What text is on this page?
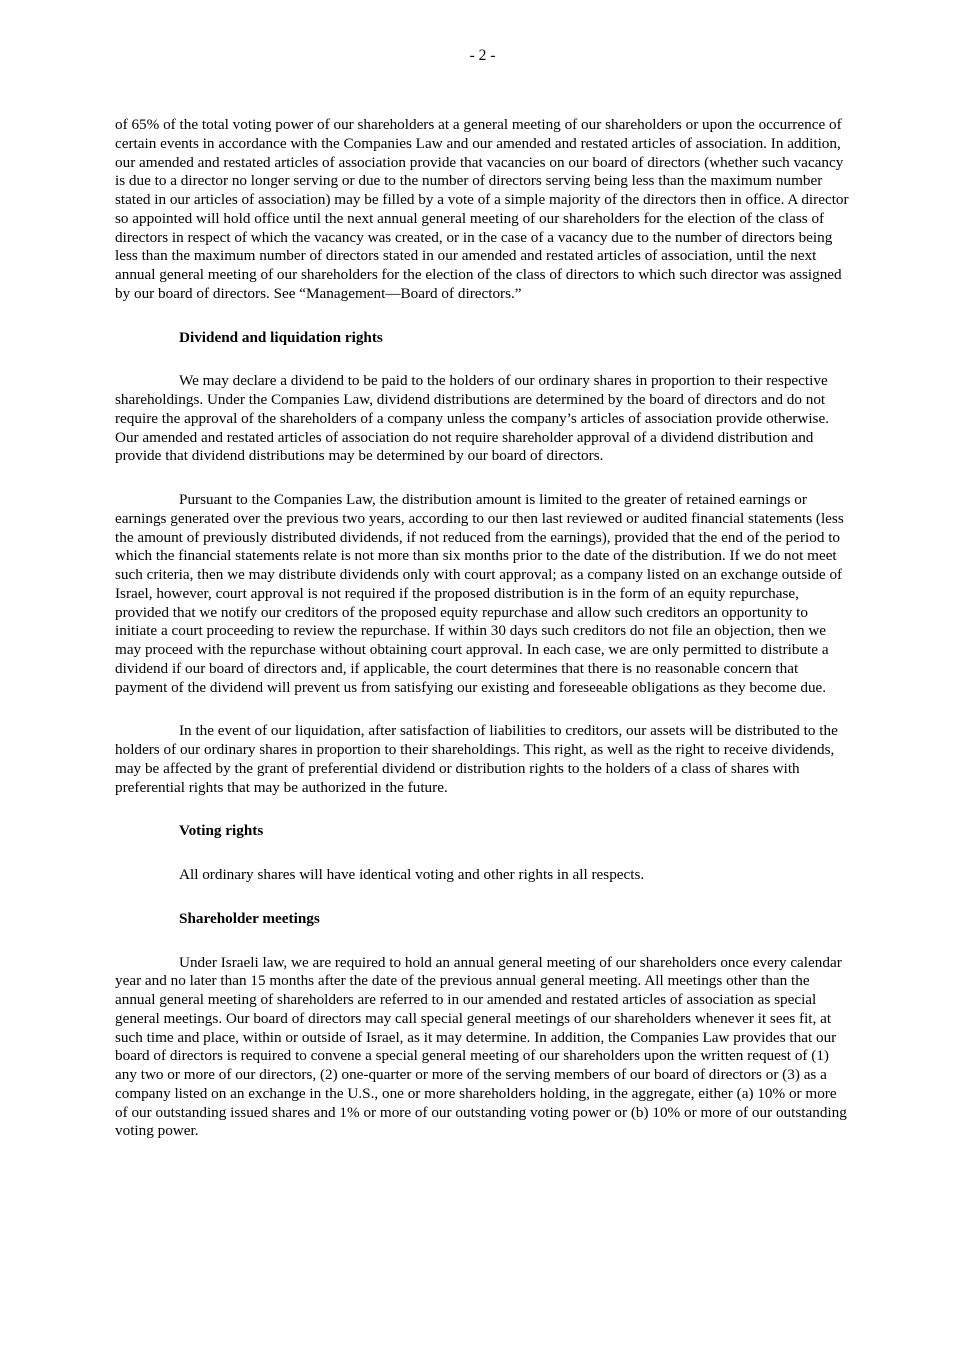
- 2 -

of 65% of the total voting power of our shareholders at a general meeting of our shareholders or upon the occurrence of certain events in accordance with the Companies Law and our amended and restated articles of association. In addition, our amended and restated articles of association provide that vacancies on our board of directors (whether such vacancy is due to a director no longer serving or due to the number of directors serving being less than the maximum number stated in our articles of association) may be filled by a vote of a simple majority of the directors then in office. A director so appointed will hold office until the next annual general meeting of our shareholders for the election of the class of directors in respect of which the vacancy was created, or in the case of a vacancy due to the number of directors being less than the maximum number of directors stated in our amended and restated articles of association, until the next annual general meeting of our shareholders for the election of the class of directors to which such director was assigned by our board of directors. See “Management—Board of directors.”

Dividend and liquidation rights

We may declare a dividend to be paid to the holders of our ordinary shares in proportion to their respective shareholdings. Under the Companies Law, dividend distributions are determined by the board of directors and do not require the approval of the shareholders of a company unless the company’s articles of association provide otherwise. Our amended and restated articles of association do not require shareholder approval of a dividend distribution and provide that dividend distributions may be determined by our board of directors.

Pursuant to the Companies Law, the distribution amount is limited to the greater of retained earnings or earnings generated over the previous two years, according to our then last reviewed or audited financial statements (less the amount of previously distributed dividends, if not reduced from the earnings), provided that the end of the period to which the financial statements relate is not more than six months prior to the date of the distribution. If we do not meet such criteria, then we may distribute dividends only with court approval; as a company listed on an exchange outside of Israel, however, court approval is not required if the proposed distribution is in the form of an equity repurchase, provided that we notify our creditors of the proposed equity repurchase and allow such creditors an opportunity to initiate a court proceeding to review the repurchase. If within 30 days such creditors do not file an objection, then we may proceed with the repurchase without obtaining court approval. In each case, we are only permitted to distribute a dividend if our board of directors and, if applicable, the court determines that there is no reasonable concern that payment of the dividend will prevent us from satisfying our existing and foreseeable obligations as they become due.

In the event of our liquidation, after satisfaction of liabilities to creditors, our assets will be distributed to the holders of our ordinary shares in proportion to their shareholdings. This right, as well as the right to receive dividends, may be affected by the grant of preferential dividend or distribution rights to the holders of a class of shares with preferential rights that may be authorized in the future.

Voting rights

All ordinary shares will have identical voting and other rights in all respects.

Shareholder meetings

Under Israeli law, we are required to hold an annual general meeting of our shareholders once every calendar year and no later than 15 months after the date of the previous annual general meeting. All meetings other than the annual general meeting of shareholders are referred to in our amended and restated articles of association as special general meetings. Our board of directors may call special general meetings of our shareholders whenever it sees fit, at such time and place, within or outside of Israel, as it may determine. In addition, the Companies Law provides that our board of directors is required to convene a special general meeting of our shareholders upon the written request of (1) any two or more of our directors, (2) one-quarter or more of the serving members of our board of directors or (3) as a company listed on an exchange in the U.S., one or more shareholders holding, in the aggregate, either (a) 10% or more of our outstanding issued shares and 1% or more of our outstanding voting power or (b) 10% or more of our outstanding voting power.
